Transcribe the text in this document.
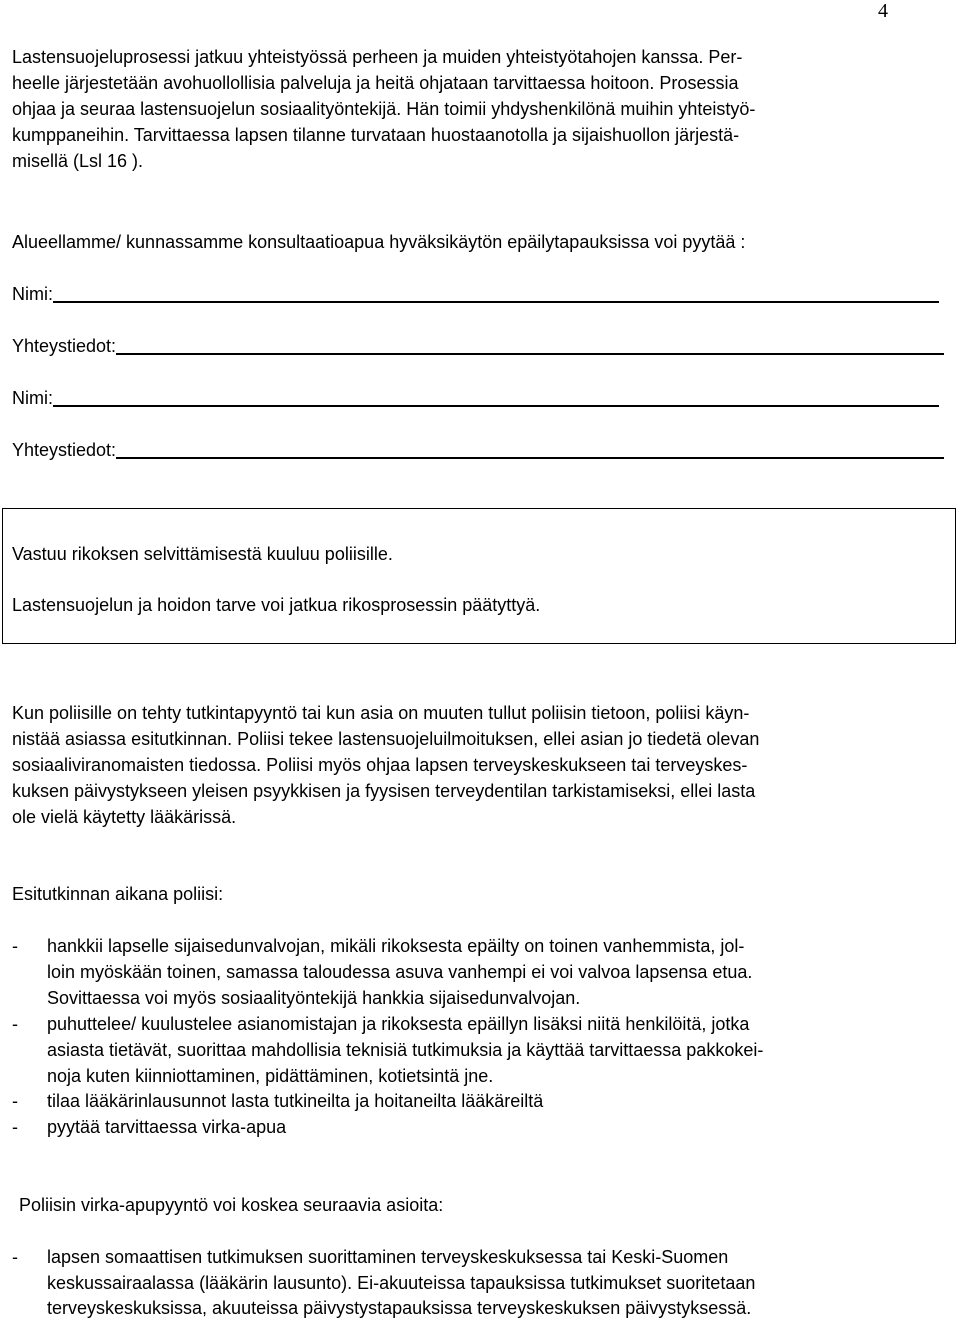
4
Lastensuojeluprosessi jatkuu yhteistyössä perheen ja muiden yhteistyötahojen kanssa. Per-
heelle järjestetään avohuollollisia palveluja ja heitä ohjataan tarvittaessa hoitoon. Prosessia
ohjaa ja seuraa lastensuojelun sosiaalityöntekijä. Hän toimii yhdyshenkilönä muihin yhteistyö-
kumppaneihin. Tarvittaessa lapsen tilanne turvataan huostaanotolla ja sijaishuollon järjestä-
misellä (Lsl 16 ).
Alueellamme/ kunnassamme konsultaatioapua hyväksikäytön epäilytapauksissa voi pyytää :
Nimi:
Yhteystiedot:
Nimi:
Yhteystiedot:
Vastuu rikoksen selvittämisestä kuuluu poliisille.
Lastensuojelun ja hoidon tarve voi jatkua rikosprosessin päätyttyä.
Kun poliisille on tehty tutkintapyyntö tai kun asia on muuten tullut poliisin tietoon, poliisi käyn-
nistää asiassa esitutkinnan. Poliisi tekee lastensuojeluilmoituksen, ellei asian jo tiedetä olevan
sosiaaliviranomaisten tiedossa. Poliisi myös ohjaa lapsen terveyskeskukseen tai terveyskes-
kuksen päivystykseen yleisen psyykkisen ja fyysisen terveydentilan tarkistamiseksi, ellei lasta
ole vielä käytetty lääkärissä.
Esitutkinnan aikana poliisi:
- hankkii lapselle sijaisedunvalvojan, mikäli rikoksesta epäilty on toinen vanhemmista, jol-
loin myöskään toinen, samassa taloudessa asuva vanhempi ei voi valvoa lapsensa etua.
Sovittaessa voi myös sosiaalityöntekijä hankkia sijaisedunvalvojan.
- puhuttelee/ kuulustelee asianomistajan ja rikoksesta epäillyn lisäksi niitä henkilöitä, jotka
asiasta tietävät, suorittaa mahdollisia teknisiä tutkimuksia ja käyttää tarvittaessa pakkokei-
noja kuten kiinniottaminen, pidättäminen, kotietsintä jne.
- tilaa lääkärinlausunnot lasta tutkineilta ja hoitaneilta lääkäreiltä
- pyytää tarvittaessa virka-apua
Poliisin virka-apupyyntö voi koskea seuraavia asioita:
- lapsen somaattisen tutkimuksen suorittaminen terveyskeskuksessa tai Keski-Suomen
keskussairaalassa (lääkärin lausunto). Ei-akuuteissa tapauksissa tutkimukset suoritetaan
terveyskeskuksissa, akuuteissa päivystystapauksissa terveyskeskuksen päivystyksessä.
